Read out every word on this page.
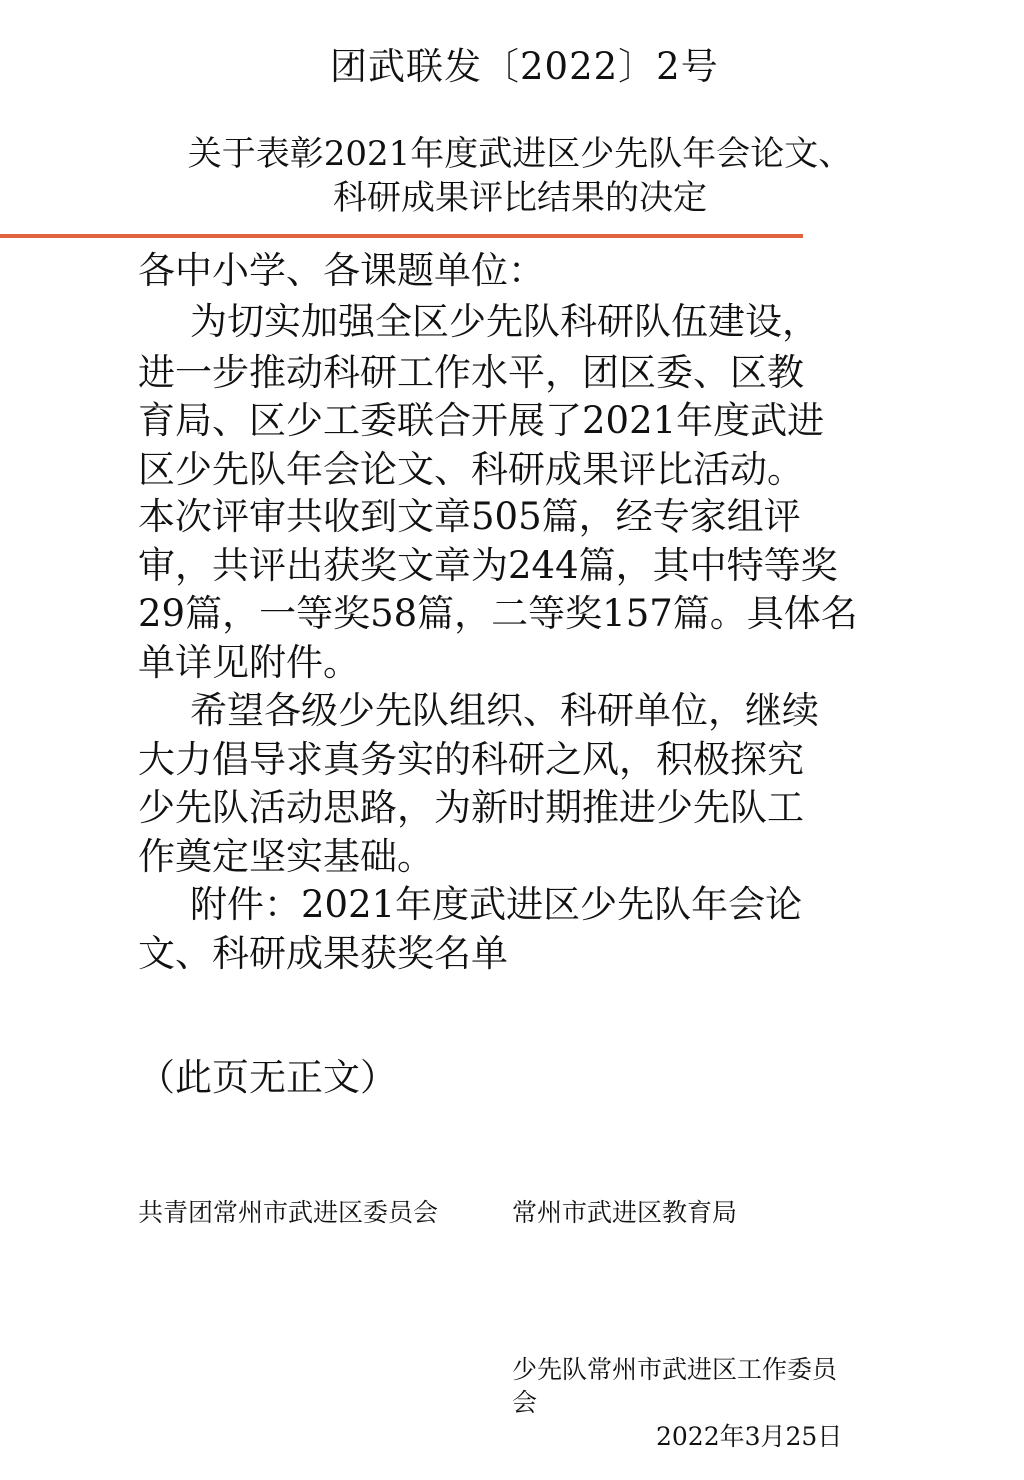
团武联发〔2022〕2号
关于表彰2021年度武进区少先队年会论文、
科研成果评比结果的决定
各中小学、各课题单位：
为切实加强全区少先队科研队伍建设，
进一步推动科研工作水平，团区委、区教
育局、区少工委联合开展了2021年度武进
区少先队年会论文、科研成果评比活动。
本次评审共收到文章505篇，经专家组评
审，共评出获奖文章为244篇，其中特等奖
29篇，一等奖58篇，二等奖157篇。具体名
单详见附件。
希望各级少先队组织、科研单位，继续
大力倡导求真务实的科研之风，积极探究
少先队活动思路，为新时期推进少先队工
作奠定坚实基础。
附件：2021年度武进区少先队年会论
文、科研成果获奖名单
（此页无正文）
共青团常州市武进区委员会	常州市武进区教育局
少先队常州市武进区工作委员
会
2022年3月25日
